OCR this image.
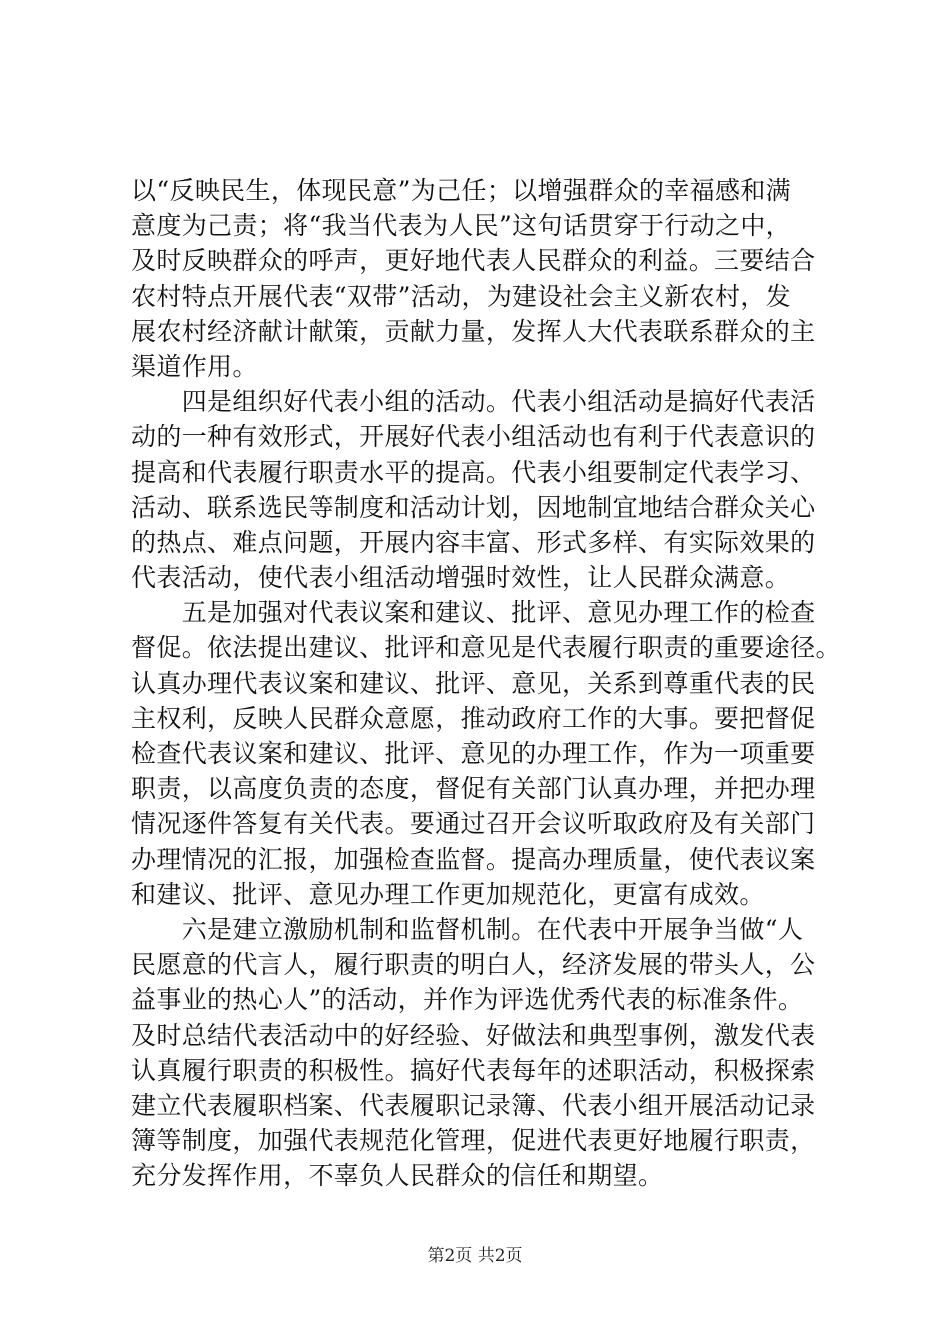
以“反映民生，体现民意”为己任；以增强群众的幸福感和满
意度为己责；将“我当代表为人民”这句话贯穿于行动之中，
及时反映群众的呼声，更好地代表人民群众的利益。三要结合
农村特点开展代表“双带”活动，为建设社会主义新农村，发
展农村经济献计献策，贡献力量，发挥人大代表联系群众的主
渠道作用。
　　四是组织好代表小组的活动。代表小组活动是搞好代表活
动的一种有效形式，开展好代表小组活动也有利于代表意识的
提高和代表履行职责水平的提高。代表小组要制定代表学习、
活动、联系选民等制度和活动计划，因地制宜地结合群众关心
的热点、难点问题，开展内容丰富、形式多样、有实际效果的
代表活动，使代表小组活动增强时效性，让人民群众满意。
　　五是加强对代表议案和建议、批评、意见办理工作的检查
督促。依法提出建议、批评和意见是代表履行职责的重要途径。
认真办理代表议案和建议、批评、意见，关系到尊重代表的民
主权利，反映人民群众意愿，推动政府工作的大事。要把督促
检查代表议案和建议、批评、意见的办理工作，作为一项重要
职责，以高度负责的态度，督促有关部门认真办理，并把办理
情况逐件答复有关代表。要通过召开会议听取政府及有关部门
办理情况的汇报，加强检查监督。提高办理质量，使代表议案
和建议、批评、意见办理工作更加规范化，更富有成效。
　　六是建立激励机制和监督机制。在代表中开展争当做“人
民愿意的代言人，履行职责的明白人，经济发展的带头人，公
益事业的热心人”的活动，并作为评选优秀代表的标准条件。
及时总结代表活动中的好经验、好做法和典型事例，激发代表
认真履行职责的积极性。搞好代表每年的述职活动，积极探索
建立代表履职档案、代表履职记录簿、代表小组开展活动记录
簿等制度，加强代表规范化管理，促进代表更好地履行职责，
充分发挥作用，不辜负人民群众的信任和期望。
第2页 共2页
